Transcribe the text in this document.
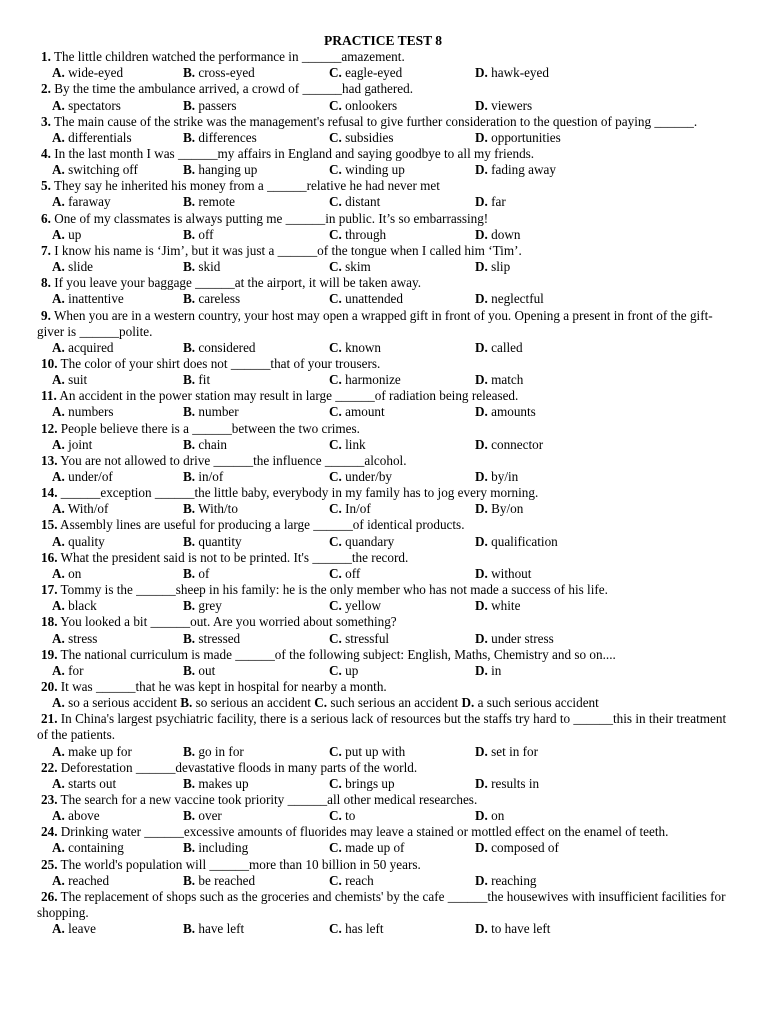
PRACTICE TEST 8
1. The little children watched the performance in ______amazement.
A. wide-eyed	B. cross-eyed	C. eagle-eyed	D. hawk-eyed
2. By the time the ambulance arrived, a crowd of ______had gathered.
A. spectators	B. passers	C. onlookers	D. viewers
3. The main cause of the strike was the management's refusal to give further consideration to the question of paying ______.
A. differentials	B. differences	C. subsidies	D. opportunities
4. In the last month I was ______my affairs in England and saying goodbye to all my friends.
A. switching off	B. hanging up	C. winding up	D. fading away
5. They say he inherited his money from a ______relative he had never met
A. faraway	B. remote	C. distant	D. far
6. One of my classmates is always putting me ______in public. It’s so embarrassing!
A. up	B. off	C. through	D. down
7. I know his name is ‘Jim’, but it was just a ______of the tongue when I called him ‘Tim’.
A. slide	B. skid	C. skim	D. slip
8. If you leave your baggage ______at the airport, it will be taken away.
A. inattentive	B. careless	C. unattended	D. neglectful
9. When you are in a western country, your host may open a wrapped gift in front of you. Opening a present in front of the gift-giver is ______polite.
A. acquired	B. considered	C. known	D. called
10. The color of your shirt does not ______that of your trousers.
A. suit	B. fit	C. harmonize	D. match
11. An accident in the power station may result in large ______of radiation being released.
A. numbers	B. number	C. amount	D. amounts
12. People believe there is a ______between the two crimes.
A. joint	B. chain	C. link	D. connector
13. You are not allowed to drive ______the influence ______alcohol.
A. under/of	B. in/of	C. under/by	D. by/in
14. ______exception ______the little baby, everybody in my family has to jog every morning.
A. With/of	B. With/to	C. In/of	D. By/on
15. Assembly lines are useful for producing a large ______of identical products.
A. quality	B. quantity	C. quandary	D. qualification
16. What the president said is not to be printed. It's ______the record.
A. on	B. of	C. off	D. without
17. Tommy is the ______sheep in his family: he is the only member who has not made a success of his life.
A. black	B. grey	C. yellow	D. white
18. You looked a bit ______out. Are you worried about something?
A. stress	B. stressed	C. stressful	D. under stress
19. The national curriculum is made ______of the following subject: English, Maths, Chemistry and so on....
A. for	B. out	C. up	D. in
20. It was ______that he was kept in hospital for nearby a month.
A. so a serious accident B. so serious an accident C. such serious an accident D. a such serious accident
21. In China's largest psychiatric facility, there is a serious lack of resources but the staffs try hard to ______this in their treatment of the patients.
A. make up for	B. go in for	C. put up with	D. set in for
22. Deforestation ______devastative floods in many parts of the world.
A. starts out	B. makes up	C. brings up	D. results in
23. The search for a new vaccine took priority ______all other medical researches.
A. above	B. over	C. to	D. on
24. Drinking water ______excessive amounts of fluorides may leave a stained or mottled effect on the enamel of teeth.
A. containing	B. including	C. made up of	D. composed of
25. The world's population will ______more than 10 billion in 50 years.
A. reached	B. be reached	C. reach	D. reaching
26. The replacement of shops such as the groceries and chemists' by the cafe ______the housewives with insufficient facilities for shopping.
A. leave	B. have left	C. has left	D. to have left
